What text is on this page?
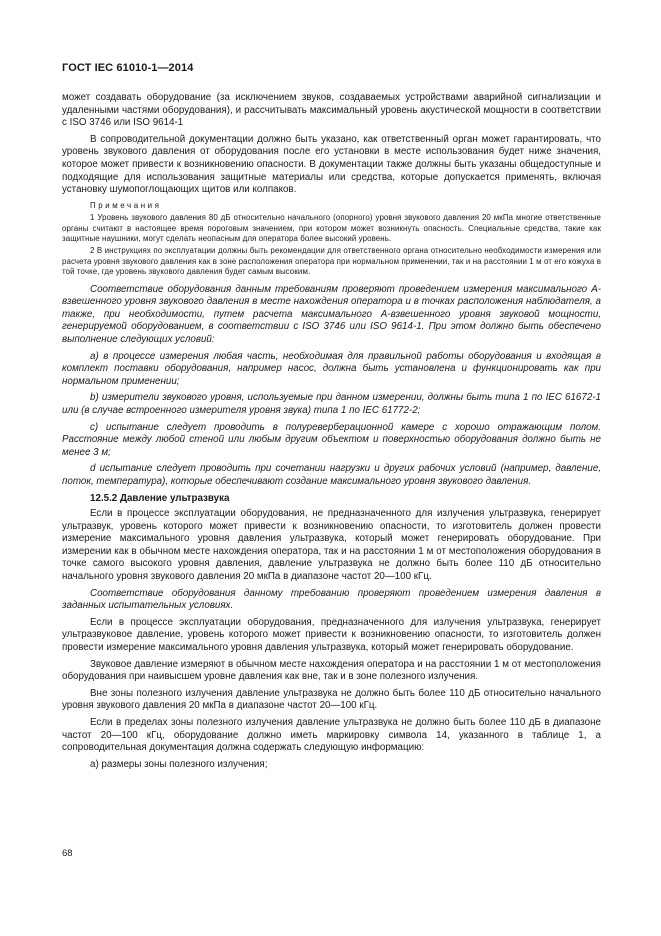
ГОСТ IEC 61010-1—2014

может создавать оборудование (за исключением звуков, создаваемых устройствами аварийной сигнализации и удаленными частями оборудования), и рассчитывать максимальный уровень акустической мощности в соответствии с ISO 3746 или ISO 9614-1

В сопроводительной документации должно быть указано, как ответственный орган может гарантировать, что уровень звукового давления от оборудования после его установки в месте использования будет ниже значения, которое может привести к возникновению опасности. В документации также должны быть указаны общедоступные и подходящие для использования защитные материалы или средства, которые допускается применять, включая установку шумопоглощающих щитов или колпаков.

Примечания

1 Уровень звукового давления 80 дБ относительно начального (опорного) уровня звукового давления 20 мкПа многие ответственные органы считают в настоящее время пороговым значением, при котором может возникнуть опасность. Специальные средства, такие как защитные наушники, могут сделать неопасным для оператора более высокий уровень.

2 В инструкциях по эксплуатации должны быть рекомендации для ответственного органа относительно необходимости измерения или расчета уровня звукового давления как в зоне расположения оператора при нормальном применении, так и на расстоянии 1 м от его кожуха в той точке, где уровень звукового давления будет самым высоким.

Соответствие оборудования данным требованиям проверяют проведением измерения максимального А-взвешенного уровня звукового давления в месте нахождения оператора и в точках расположения наблюдателя, а также, при необходимости, путем расчета максимального А-взвешенного уровня звуковой мощности, генерируемой оборудованием, в соответствии с ISO 3746 или ISO 9614-1. При этом должно быть обеспечено выполнение следующих условий:

а) в процессе измерения любая часть, необходимая для правильной работы оборудования и входящая в комплект поставки оборудования, например насос, должна быть установлена и функционировать как при нормальном применении;

b) измерители звукового уровня, используемые при данном измерении, должны быть типа 1 по IEC 61672-1 или (в случае встроенного измерителя уровня звука) типа 1 по IEC 61772-2;

c) испытание следует проводить в полуреверберационной камере с хорошо отражающим полом. Расстояние между любой стеной или любым другим объектом и поверхностью оборудования должно быть не менее 3 м;

d испытание следует проводить при сочетании нагрузки и других рабочих условий (например, давление, поток, температура), которые обеспечивают создание максимального уровня звукового давления.

12.5.2 Давление ультразвука

Если в процессе эксплуатации оборудования, не предназначенного для излучения ультразвука, генерирует ультразвук, уровень которого может привести к возникновению опасности, то изготовитель должен провести измерение максимального уровня давления ультразвука, который может генерировать оборудование. При измерении как в обычном месте нахождения оператора, так и на расстоянии 1 м от местоположения оборудования в точке самого высокого уровня давления, давление ультразвука не должно быть более 110 дБ относительно начального уровня звукового давления 20 мкПа в диапазоне частот 20—100 кГц.

Соответствие оборудования данному требованию проверяют проведением измерения давления в заданных испытательных условиях.

Если в процессе эксплуатации оборудования, предназначенного для излучения ультразвука, генерирует ультразвуковое давление, уровень которого может привести к возникновению опасности, то изготовитель должен провести измерение максимального уровня давления ультразвука, который может генерировать оборудование.

Звуковое давление измеряют в обычном месте нахождения оператора и на расстоянии 1 м от местоположения оборудования при наивысшем уровне давления как вне, так и в зоне полезного излучения.

Вне зоны полезного излучения давление ультразвука не должно быть более 110 дБ относительно начального уровня звукового давления 20 мкПа в диапазоне частот 20—100 кГц.

Если в пределах зоны полезного излучения давление ультразвука не должно быть более 110 дБ в диапазоне частот 20—100 кГц, оборудование должно иметь маркировку символа 14, указанного в таблице 1, а сопроводительная документация должна содержать следующую информацию:

а) размеры зоны полезного излучения;

68
